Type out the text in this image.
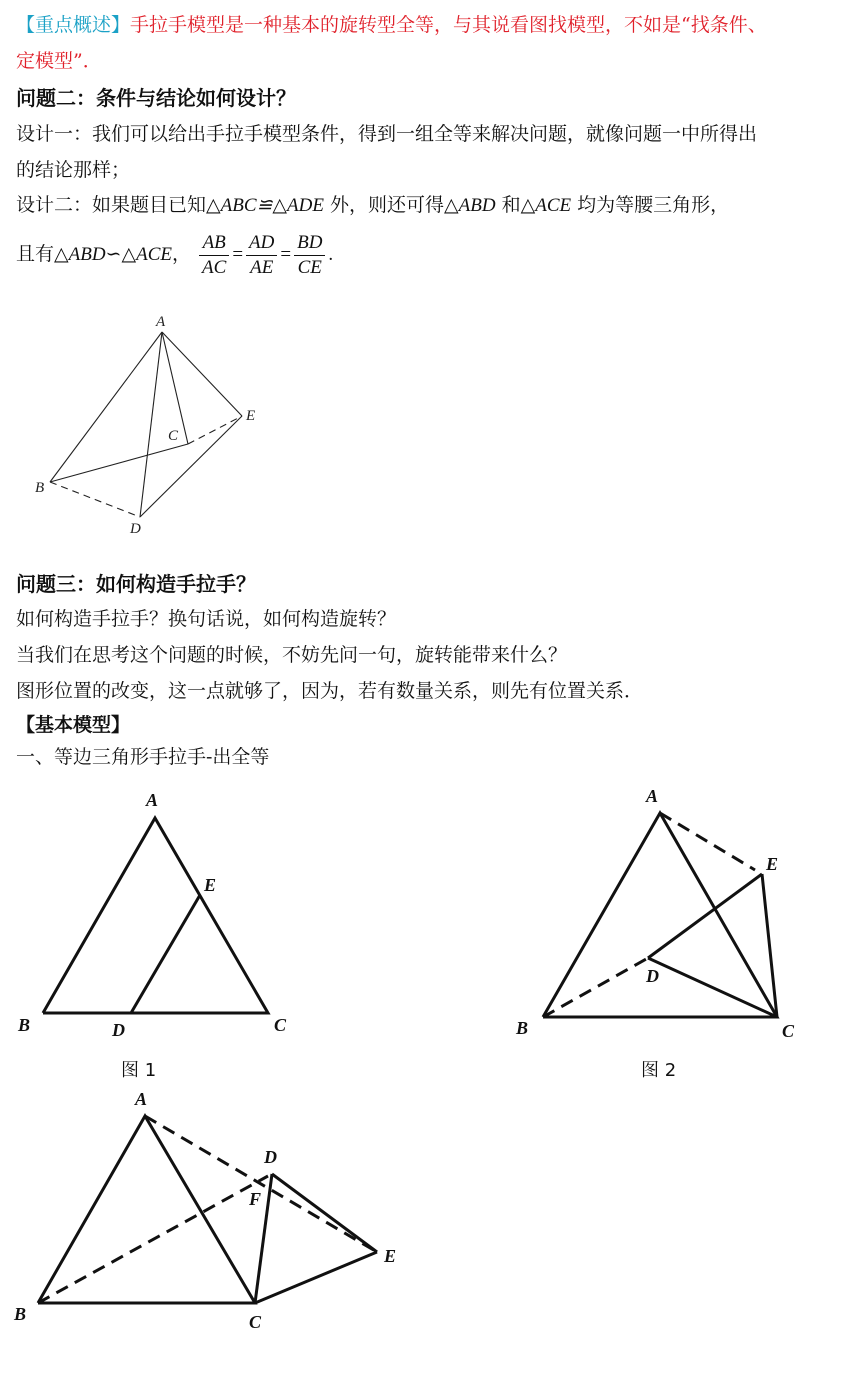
【重点概述】手拉手模型是一种基本的旋转型全等，与其说看图找模型，不如是“找条件、
定模型”．
问题二：条件与结论如何设计？
设计一：我们可以给出手拉手模型条件，得到一组全等来解决问题，就像问题一中所得出
的结论那样；
设计二：如果题目已知△ABC≌△ADE 外，则还可得△ABD 和△ACE 均为等腰三角形，
且有△ABD∽△ACE， $\frac{AB}{AC} = \frac{AD}{AE} = \frac{BD}{CE}$ .
A
B
C
D
E
问题三：如何构造手拉手？
如何构造手拉手？换句话说，如何构造旋转？
当我们在思考这个问题的时候，不妨先问一句，旋转能带来什么？
图形位置的改变，这一点就够了，因为，若有数量关系，则先有位置关系．
【基本模型】
一、等边三角形手拉手-出全等
A
B	C
D
E
A
B	C
D
E
A
B	C
D
E
F
图 1	图 2
